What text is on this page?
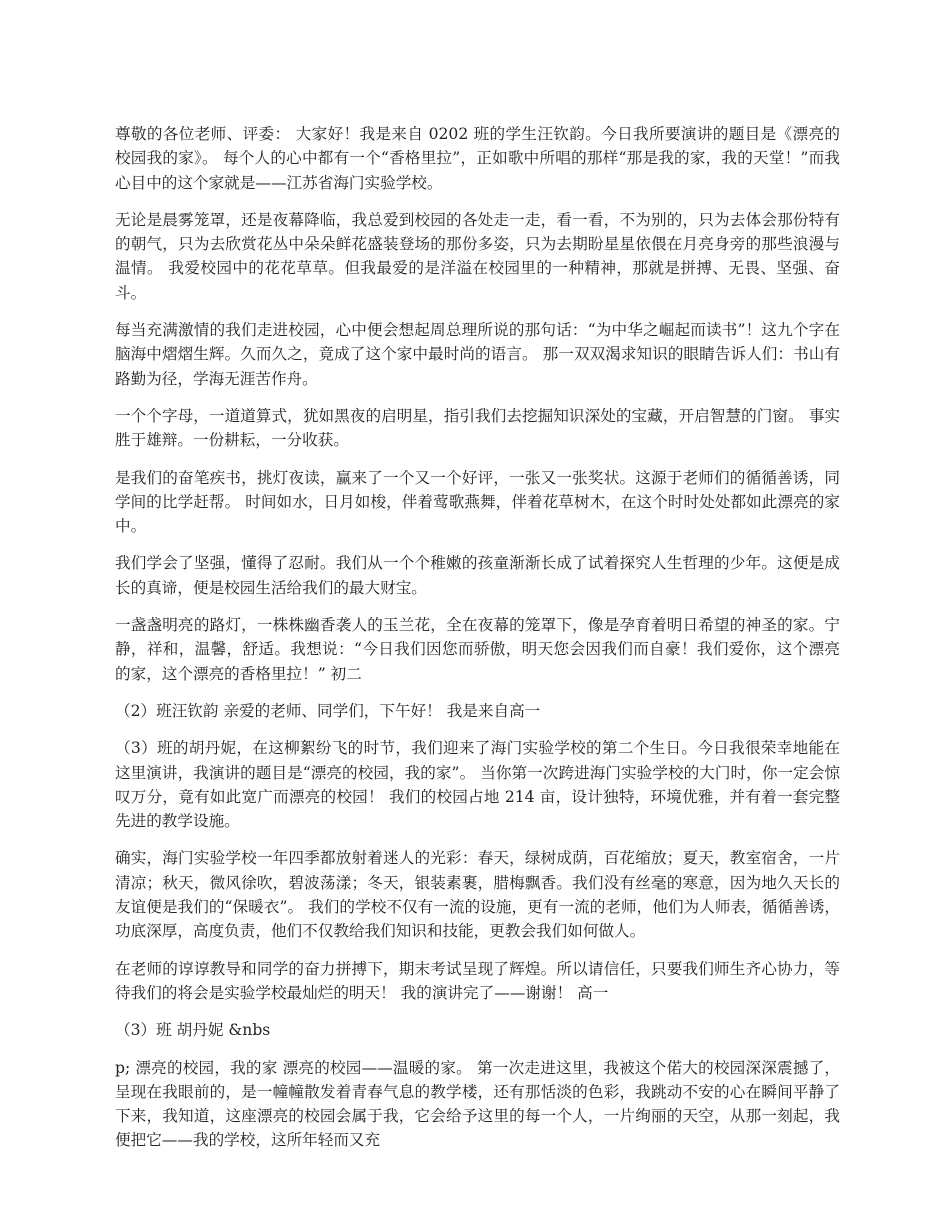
尊敬的各位老师、评委： 大家好！我是来自 0202 班的学生汪钦韵。今日我所要演讲的题目是《漂亮的校园我的家》。 每个人的心中都有一个“香格里拉”，正如歌中所唱的那样“那是我的家，我的天堂！”而我心目中的这个家就是——江苏省海门实验学校。

无论是晨雾笼罩，还是夜幕降临，我总爱到校园的各处走一走，看一看，不为别的，只为去体会那份特有的朝气，只为去欣赏花丛中朵朵鲜花盛装登场的那份多姿，只为去期盼星星依偎在月亮身旁的那些浪漫与温情。 我爱校园中的花花草草。但我最爱的是洋溢在校园里的一种精神，那就是拼搏、无畏、坚强、奋斗。

每当充满激情的我们走进校园，心中便会想起周总理所说的那句话：“为中华之崛起而读书”！这九个字在脑海中熠熠生辉。久而久之，竟成了这个家中最时尚的语言。 那一双双渴求知识的眼睛告诉人们：书山有路勤为径，学海无涯苦作舟。

一个个字母，一道道算式，犹如黑夜的启明星，指引我们去挖掘知识深处的宝藏，开启智慧的门窗。 事实胜于雄辩。一份耕耘，一分收获。

是我们的奋笔疾书，挑灯夜读，赢来了一个又一个好评，一张又一张奖状。这源于老师们的循循善诱，同学间的比学赶帮。 时间如水，日月如梭，伴着莺歌燕舞，伴着花草树木，在这个时时处处都如此漂亮的家中。

我们学会了坚强，懂得了忍耐。我们从一个个稚嫩的孩童渐渐长成了试着探究人生哲理的少年。这便是成长的真谛，便是校园生活给我们的最大财宝。

一盏盏明亮的路灯，一株株幽香袭人的玉兰花，全在夜幕的笼罩下，像是孕育着明日希望的神圣的家。宁静，祥和，温馨，舒适。我想说：“今日我们因您而骄傲，明天您会因我们而自豪！我们爱你，这个漂亮的家，这个漂亮的香格里拉！” 初二

（2）班汪钦韵 亲爱的老师、同学们，下午好！ 我是来自高一

（3）班的胡丹妮，在这柳絮纷飞的时节，我们迎来了海门实验学校的第二个生日。今日我很荣幸地能在这里演讲，我演讲的题目是“漂亮的校园，我的家”。 当你第一次跨进海门实验学校的大门时，你一定会惊叹万分，竟有如此宽广而漂亮的校园！ 我们的校园占地 214 亩，设计独特，环境优雅，并有着一套完整先进的教学设施。

确实，海门实验学校一年四季都放射着迷人的光彩：春天，绿树成荫，百花缩放；夏天，教室宿舍，一片清凉；秋天，微风徐吹，碧波荡漾；冬天，银装素裹，腊梅飘香。我们没有丝毫的寒意，因为地久天长的友谊便是我们的“保暖衣”。 我们的学校不仅有一流的设施，更有一流的老师，他们为人师表，循循善诱，功底深厚，高度负责，他们不仅教给我们知识和技能，更教会我们如何做人。

在老师的谆谆教导和同学的奋力拼搏下，期末考试呈现了辉煌。所以请信任，只要我们师生齐心协力，等待我们的将会是实验学校最灿烂的明天！ 我的演讲完了——谢谢！ 高一

（3）班 胡丹妮 &nbs

p; 漂亮的校园，我的家 漂亮的校园——温暖的家。 第一次走进这里，我被这个偌大的校园深深震撼了，呈现在我眼前的，是一幢幢散发着青春气息的教学楼，还有那恬淡的色彩，我跳动不安的心在瞬间平静了下来，我知道，这座漂亮的校园会属于我，它会给予这里的每一个人，一片绚丽的天空，从那一刻起，我便把它——我的学校，这所年轻而又充
